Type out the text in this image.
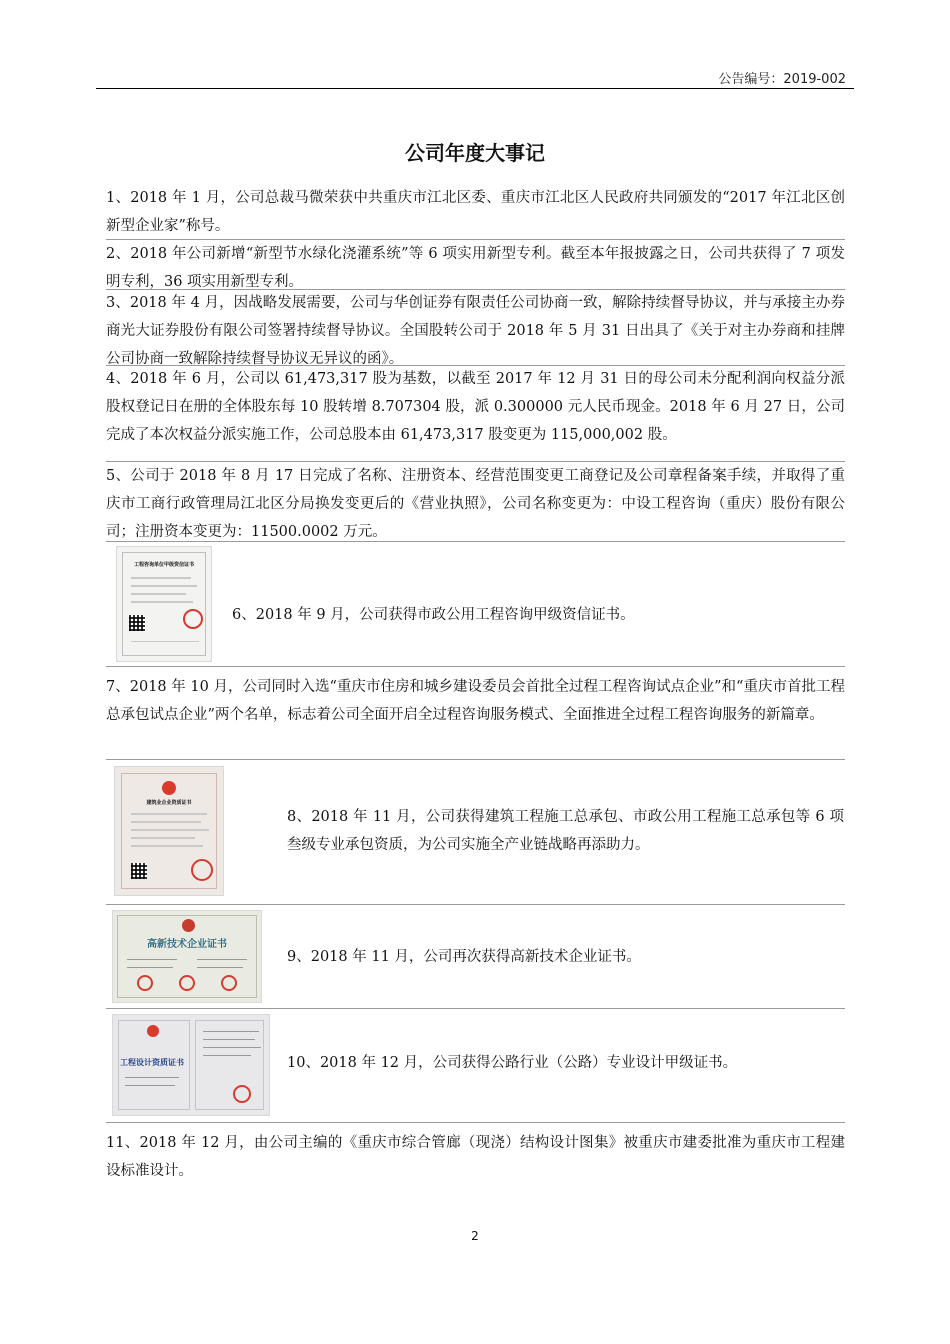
公告编号：2019-002
公司年度大事记
1、2018 年 1 月，公司总裁马微荣获中共重庆市江北区委、重庆市江北区人民政府共同颁发的“2017 年江北区创新型企业家”称号。
2、2018 年公司新增“新型节水绿化浇灌系统”等 6 项实用新型专利。截至本年报披露之日，公司共获得了 7 项发明专利，36 项实用新型专利。
3、2018 年 4 月，因战略发展需要，公司与华创证券有限责任公司协商一致，解除持续督导协议，并与承接主办券商光大证券股份有限公司签署持续督导协议。全国股转公司于 2018 年 5 月 31 日出具了《关于对主办券商和挂牌公司协商一致解除持续督导协议无异议的函》。
4、2018 年 6 月，公司以 61,473,317 股为基数，以截至 2017 年 12 月 31 日的母公司未分配利润向权益分派股权登记日在册的全体股东每 10 股转增 8.707304 股，派 0.300000 元人民币现金。2018 年 6 月 27 日，公司完成了本次权益分派实施工作，公司总股本由 61,473,317 股变更为 115,000,002 股。
5、公司于 2018 年 8 月 17 日完成了名称、注册资本、经营范围变更工商登记及公司章程备案手续，并取得了重庆市工商行政管理局江北区分局换发变更后的《营业执照》，公司名称变更为：中设工程咨询（重庆）股份有限公司；注册资本变更为：11500.0002 万元。
工程咨询单位甲级资信证书
6、2018 年 9 月，公司获得市政公用工程咨询甲级资信证书。
7、2018 年 10 月，公司同时入选“重庆市住房和城乡建设委员会首批全过程工程咨询试点企业”和“重庆市首批工程总承包试点企业”两个名单，标志着公司全面开启全过程咨询服务模式、全面推进全过程工程咨询服务的新篇章。
建筑业企业资质证书
8、2018 年 11 月，公司获得建筑工程施工总承包、市政公用工程施工总承包等 6 项叁级专业承包资质，为公司实施全产业链战略再添助力。
高新技术企业证书
9、2018 年 11 月，公司再次获得高新技术企业证书。
工程设计资质证书	10、2018 年 12 月，公司获得公路行业（公路）专业设计甲级证书。
11、2018 年 12 月，由公司主编的《重庆市综合管廊（现浇）结构设计图集》被重庆市建委批准为重庆市工程建设标准设计。
2
